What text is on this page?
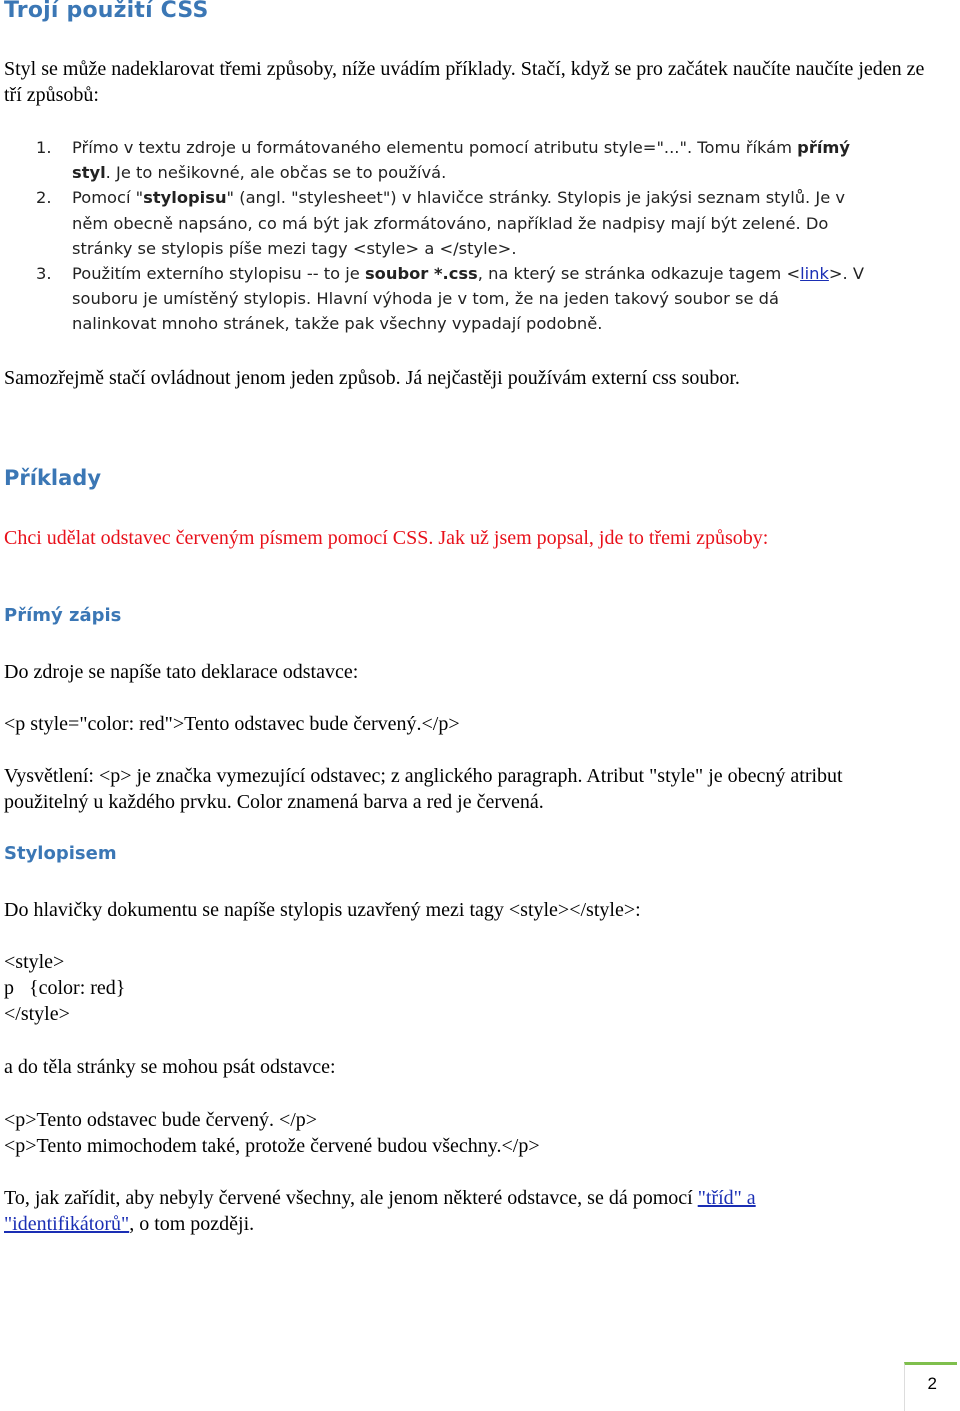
Trojí použití CSS

Styl se může nadeklarovat třemi způsoby, níže uvádím příklady. Stačí, když se pro začátek naučíte naučíte jeden ze tří způsobů:

1. Přímo v textu zdroje u formátovaného elementu pomocí atributu style="...". Tomu říkám přímý styl. Je to nešikovné, ale občas se to používá.
2. Pomocí "stylopisu" (angl. "stylesheet") v hlavičce stránky. Stylopis je jakýsi seznam stylů. Je v něm obecně napsáno, co má být jak zformátováno, například že nadpisy mají být zelené. Do stránky se stylopis píše mezi tagy <style> a </style>.
3. Použitím externího stylopisu -- to je soubor *.css, na který se stránka odkazuje tagem <link>. V souboru je umístěný stylopis. Hlavní výhoda je v tom, že na jeden takový soubor se dá nalinkovat mnoho stránek, takže pak všechny vypadají podobně.

Samozřejmě stačí ovládnout jenom jeden způsob. Já nejčastěji používám externí css soubor.

Příklady

Chci udělat odstavec červeným písmem pomocí CSS. Jak už jsem popsal, jde to třemi způsoby:

Přímý zápis

Do zdroje se napíše tato deklarace odstavce:

<p style="color: red">Tento odstavec bude červený.</p>

Vysvětlení: <p> je značka vymezující odstavec; z anglického paragraph. Atribut "style" je obecný atribut použitelný u každého prvku. Color znamená barva a red je červená.

Stylopisem

Do hlavičky dokumentu se napíše stylopis uzavřený mezi tagy <style></style>:

<style>
p   {color: red}
</style>

a do těla stránky se mohou psát odstavce:

<p>Tento odstavec bude červený. </p>
<p>Tento mimochodem také, protože červené budou všechny.</p>

To, jak zařídit, aby nebyly červené všechny, ale jenom některé odstavce, se dá pomocí "tříd" a "identifikátorů", o tom později.

2
